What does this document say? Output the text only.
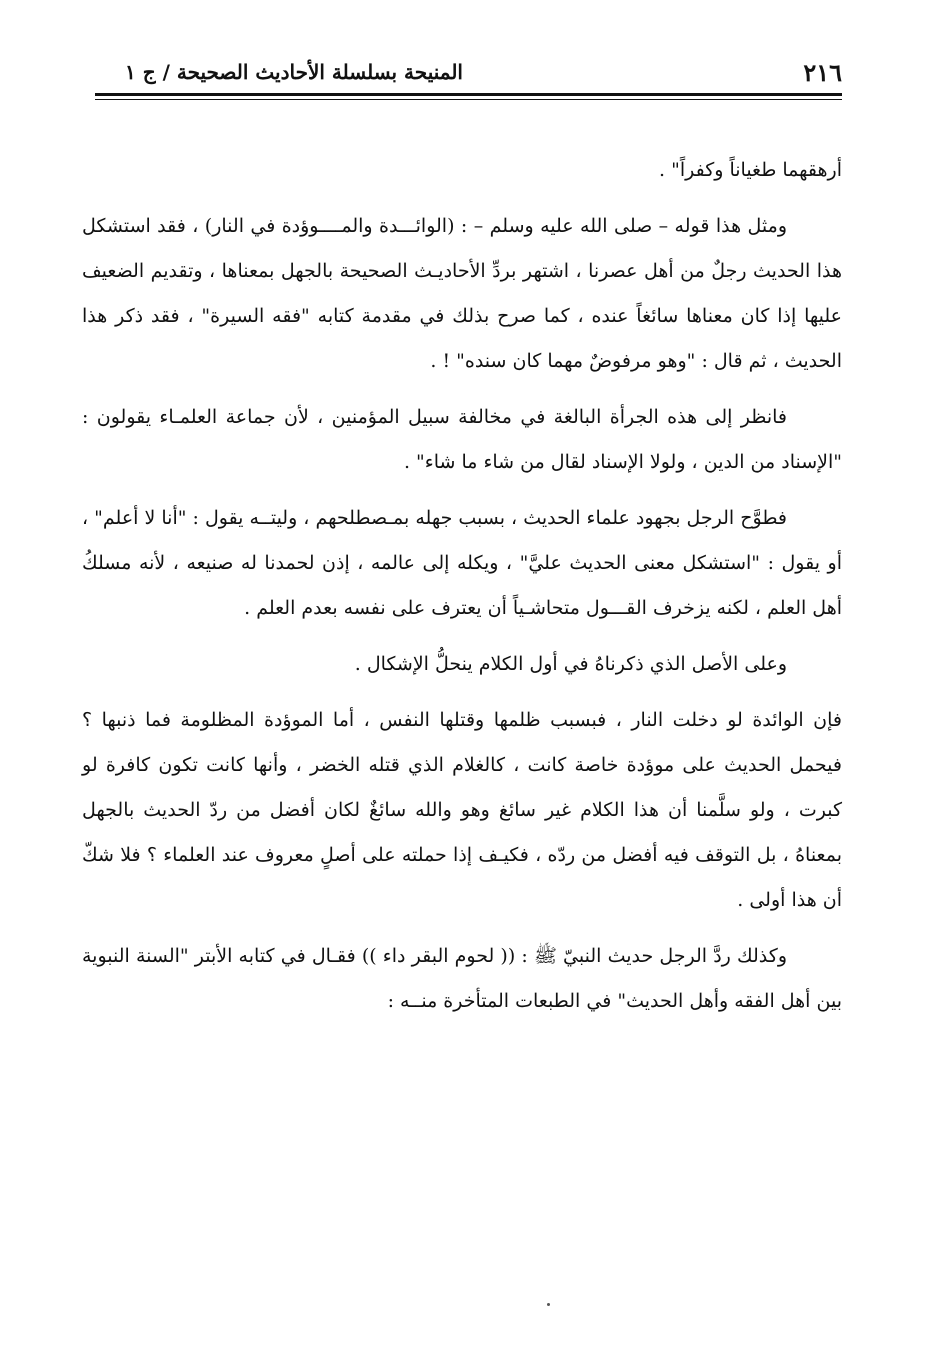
٢١٦
المنيحة بسلسلة الأحاديث الصحيحة / ج ١

أرهقهما طغياناً وكفراً" .

ومثل هذا قوله – صلى الله عليه وسلم – : (الوائـــدة والمــــوؤدة في النار) ، فقد استشكل هذا الحديث رجلٌ من أهل عصرنا ، اشتهر بردِّ الأحاديـث الصحيحة بالجهل بمعناها ، وتقديم الضعيف عليها إذا كان معناها سائغاً عنده ، كما صرح بذلك في مقدمة كتابه "فقه السيرة" ، فقد ذكر هذا الحديث ، ثم قال : "وهو مرفوضٌ مهما كان سنده" ! .

فانظر إلى هذه الجرأة البالغة في مخالفة سبيل المؤمنين ، لأن جماعة العلمـاء يقولون : "الإسناد من الدين ، ولولا الإسناد لقال من شاء ما شاء" .

فطوَّح الرجل بجهود علماء الحديث ، بسبب جهله بمـصطلحهم ، وليتــه يقول : "أنا لا أعلم" ، أو يقول : "استشكل معنى الحديث عليَّ" ، ويكله إلى عالمه ، إذن لحمدنا له صنيعه ، لأنه مسلكُ أهل العلم ، لكنه يزخرف القـــول متحاشـياً أن يعترف على نفسه بعدم العلم .

وعلى الأصل الذي ذكرناهُ في أول الكلام ينحلُّ الإشكال .

فإن الوائدة لو دخلت النار ، فبسبب ظلمها وقتلها النفس ، أما الموؤدة المظلومة فما ذنبها ؟ فيحمل الحديث على موؤدة خاصة كانت ، كالغلام الذي قتله الخضر ، وأنها كانت تكون كافرة لو كبرت ، ولو سلَّمنا أن هذا الكلام غير سائغ وهو والله سائغٌ لكان أفضل من ردّ الحديث بالجهل بمعناهُ ، بل التوقف فيه أفضل من ردّه ، فكيـف إذا حملته على أصلٍ معروف عند العلماء ؟ فلا شكّ أن هذا أولى .

وكذلك ردَّ الرجل حديث النبيّ ﷺ : (( لحوم البقر داء )) فقـال في كتابه الأبتر "السنة النبوية بين أهل الفقه وأهل الحديث" في الطبعات المتأخرة منــه :
